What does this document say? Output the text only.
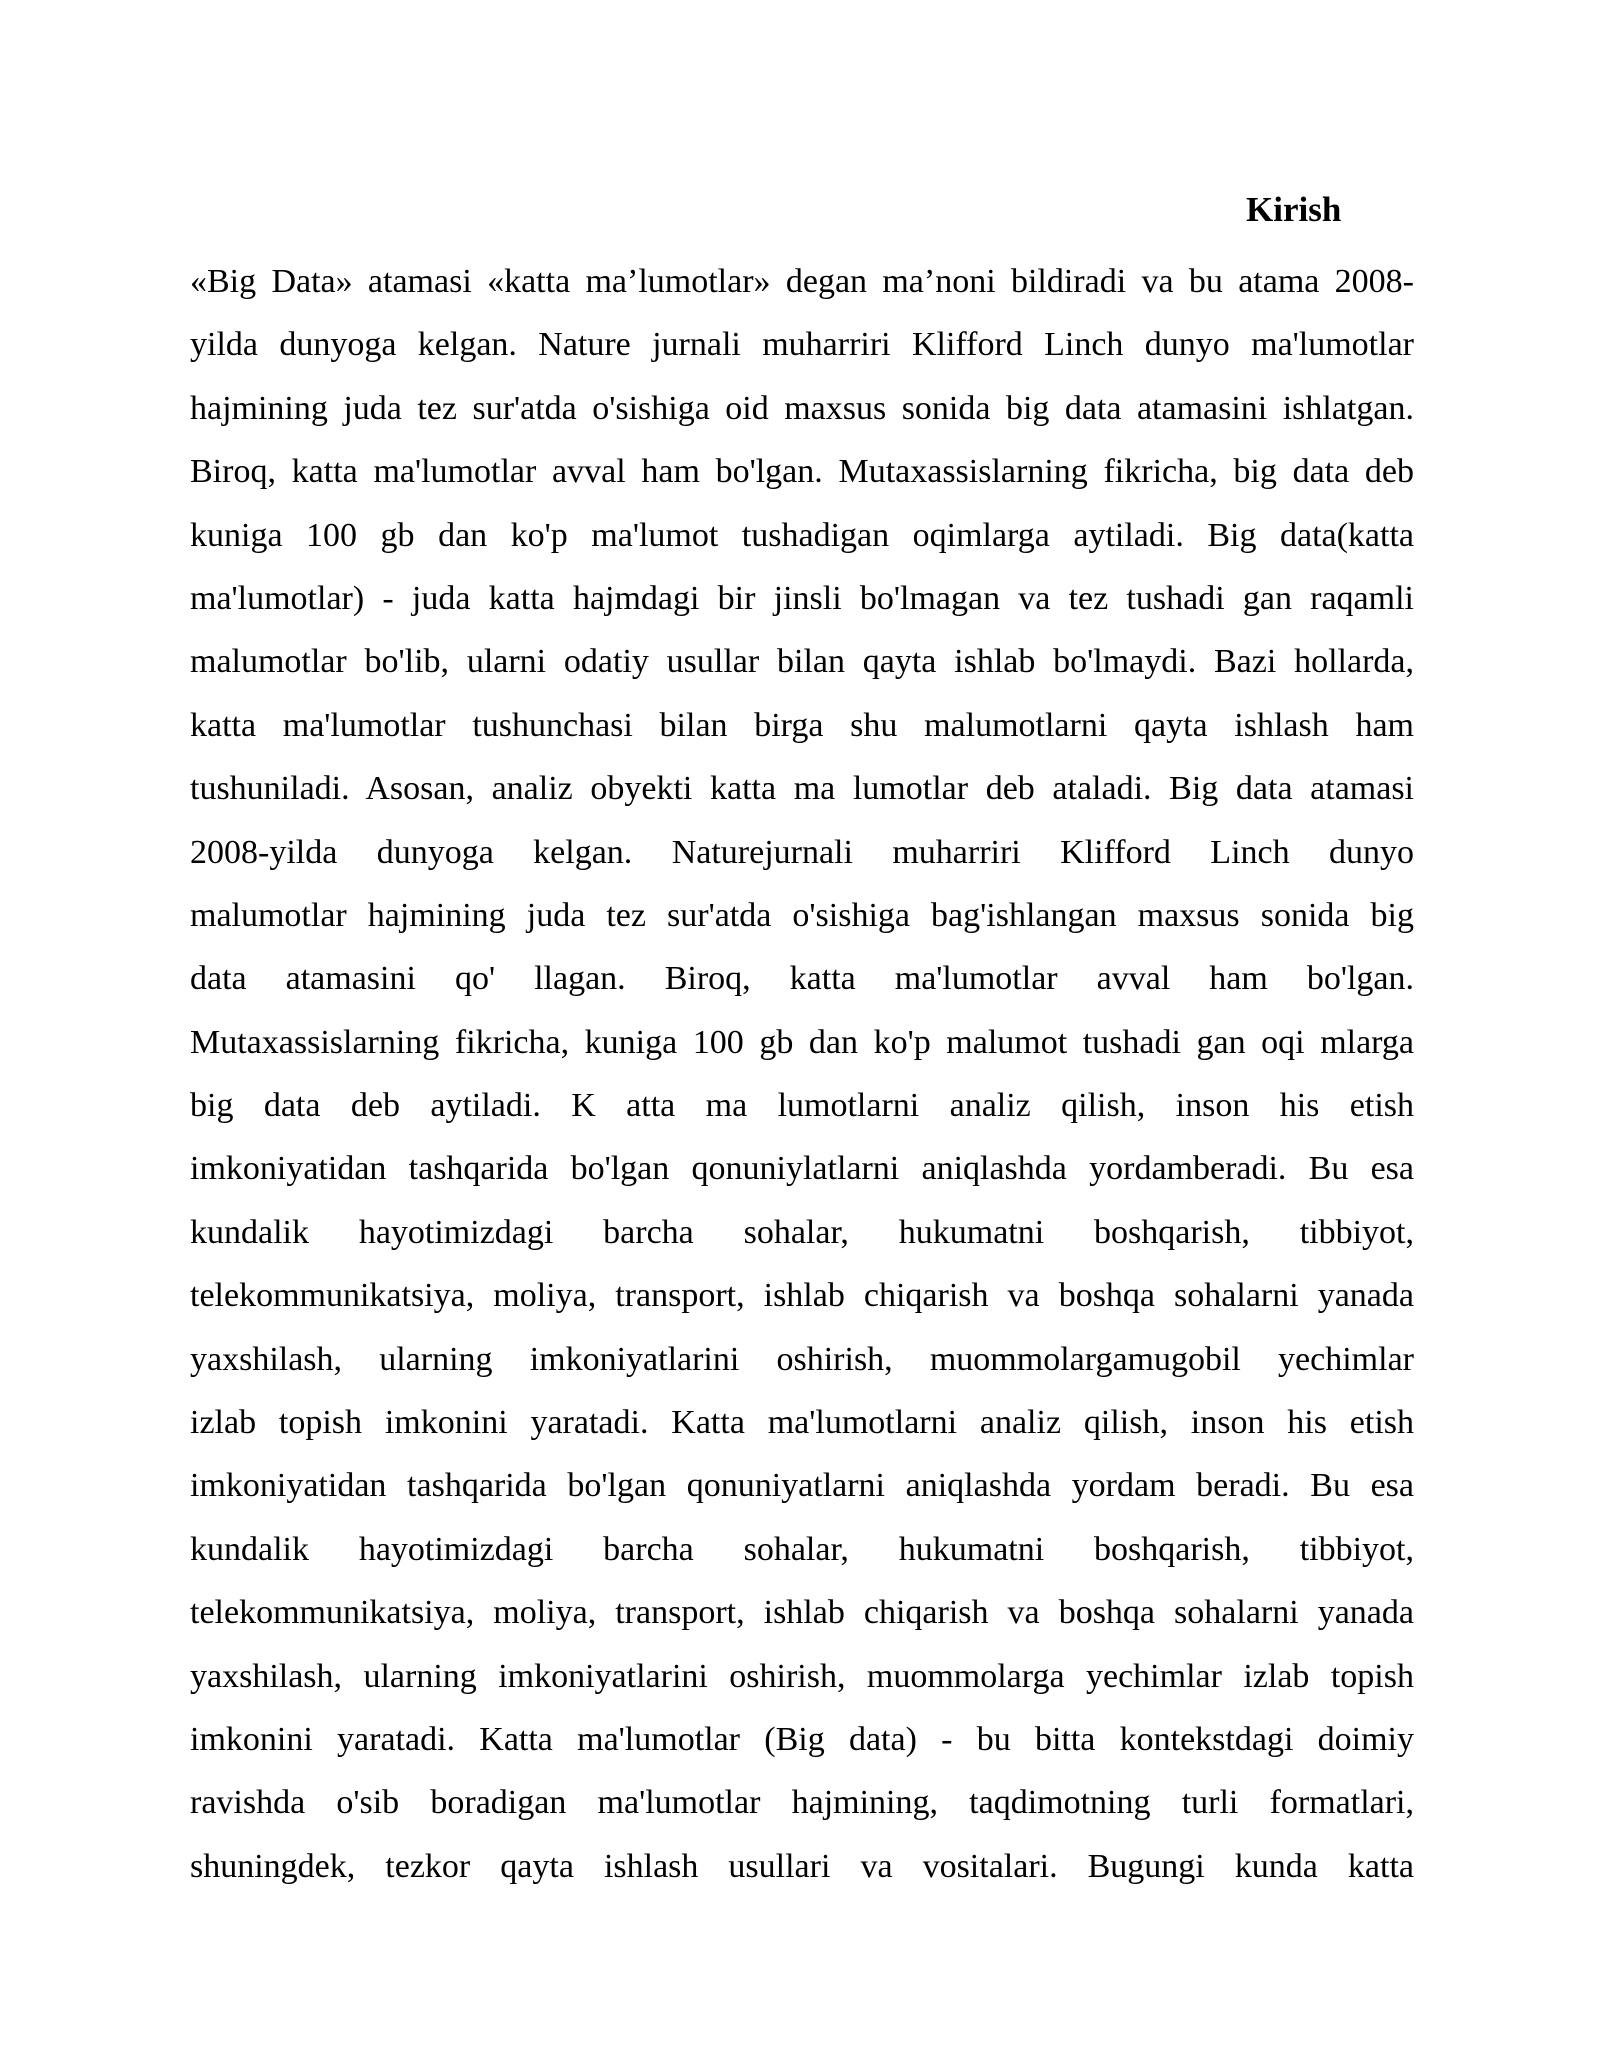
Kirish
«Big Data» atamasi «katta ma’lumotlar» degan ma’noni bildiradi va bu atama 2008-
yilda dunyoga kelgan. Nature jurnali muharriri Klifford Linch dunyo ma'lumotlar
hajmining juda tez sur'atda o'sishiga oid maxsus sonida big data atamasini ishlatgan.
Biroq, katta ma'lumotlar avval ham bo'lgan. Mutaxassislarning fikricha, big data deb
kuniga 100 gb dan ko'p ma'lumot tushadigan oqimlarga aytiladi. Big data(katta
ma'lumotlar) - juda katta hajmdagi bir jinsli bo'lmagan va tez tushadi gan raqamli
malumotlar bo'lib, ularni odatiy usullar bilan qayta ishlab bo'lmaydi. Bazi hollarda,
katta ma'lumotlar tushunchasi bilan birga shu malumotlarni qayta ishlash ham
tushuniladi. Asosan, analiz obyekti katta ma lumotlar deb ataladi. Big data atamasi
2008-yilda dunyoga kelgan. Naturejurnali muharriri Klifford Linch dunyo
malumotlar hajmining juda tez sur'atda o'sishiga bag'ishlangan maxsus sonida big
data atamasini qo' llagan. Biroq, katta ma'lumotlar avval ham bo'lgan.
Mutaxassislarning fikricha, kuniga 100 gb dan ko'p malumot tushadi gan oqi mlarga
big data deb aytiladi. K atta ma lumotlarni analiz qilish, inson his etish
imkoniyatidan tashqarida bo'lgan qonuniylatlarni aniqlashda yordamberadi. Bu esa
kundalik hayotimizdagi barcha sohalar, hukumatni boshqarish, tibbiyot,
telekommunikatsiya, moliya, transport, ishlab chiqarish va boshqa sohalarni yanada
yaxshilash, ularning imkoniyatlarini oshirish, muommolargamugobil yechimlar
izlab topish imkonini yaratadi. Katta ma'lumotlarni analiz qilish, inson his etish
imkoniyatidan tashqarida bo'lgan qonuniyatlarni aniqlashda yordam beradi. Bu esa
kundalik hayotimizdagi barcha sohalar, hukumatni boshqarish, tibbiyot,
telekommunikatsiya, moliya, transport, ishlab chiqarish va boshqa sohalarni yanada
yaxshilash, ularning imkoniyatlarini oshirish, muommolarga yechimlar izlab topish
imkonini yaratadi. Katta ma'lumotlar (Big data) - bu bitta kontekstdagi doimiy
ravishda o'sib boradigan ma'lumotlar hajmining, taqdimotning turli formatlari,
shuningdek, tezkor qayta ishlash usullari va vositalari. Bugungi kunda katta
